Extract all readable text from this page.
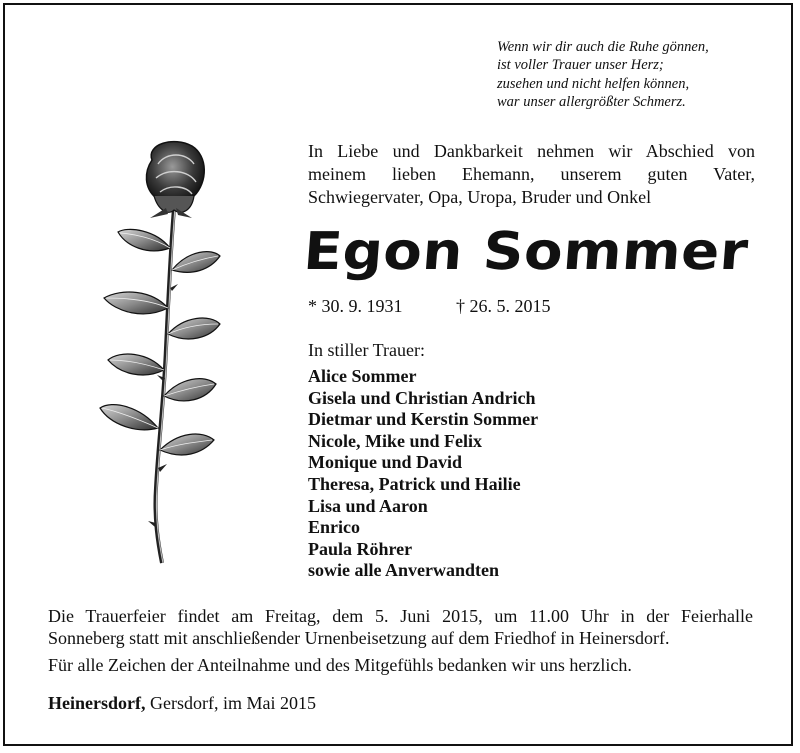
Wenn wir dir auch die Ruhe gönnen,
ist voller Trauer unser Herz;
zusehen und nicht helfen können,
war unser allergrößter Schmerz.
In Liebe und Dankbarkeit nehmen wir Abschied von
meinem lieben Ehemann, unserem guten Vater,
Schwiegervater, Opa, Uropa, Bruder und Onkel
Egon Sommer
* 30. 9. 1931	† 26. 5. 2015
In stiller Trauer:
Alice Sommer
Gisela und Christian Andrich
Dietmar und Kerstin Sommer
Nicole, Mike und Felix
Monique und David
Theresa, Patrick und Hailie
Lisa und Aaron
Enrico
Paula Röhrer
sowie alle Anverwandten
Die Trauerfeier findet am Freitag, dem 5. Juni 2015, um 11.00 Uhr in der Feierhalle
Sonneberg statt mit anschließender Urnenbeisetzung auf dem Friedhof in Heinersdorf.
Für alle Zeichen der Anteilnahme und des Mitgefühls bedanken wir uns herzlich.
Heinersdorf, Gersdorf, im Mai 2015
